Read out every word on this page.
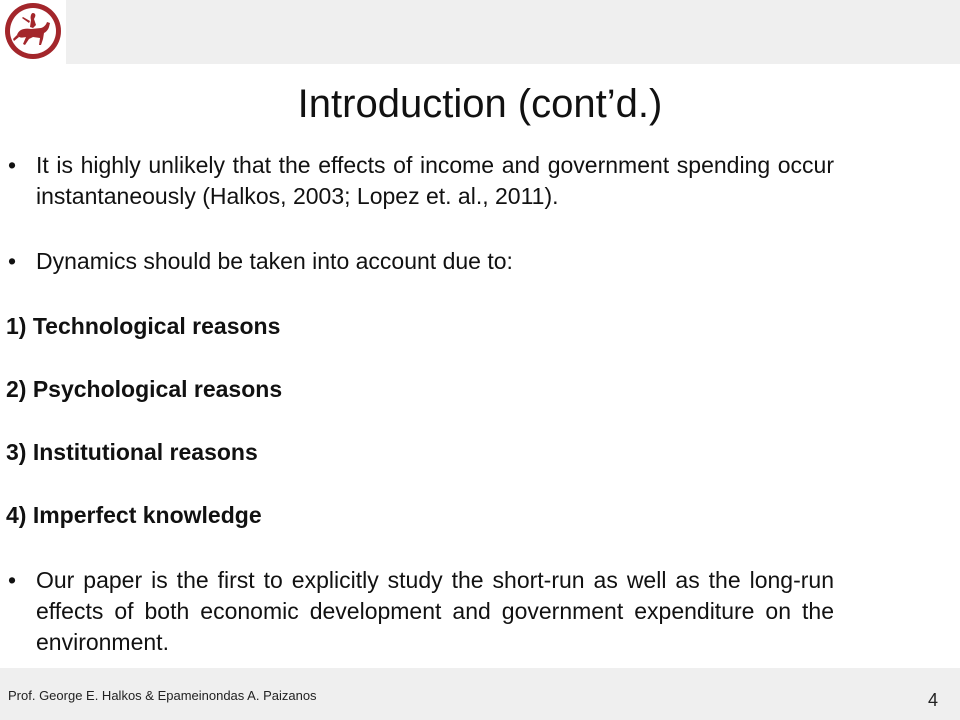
Introduction (cont’d.)
• It is highly unlikely that the effects of income and government spending occur instantaneously (Halkos, 2003; Lopez et. al., 2011).
• Dynamics should be taken into account due to:
1) Technological reasons
2) Psychological reasons
3) Institutional reasons
4) Imperfect knowledge
• Our paper is the first to explicitly study the short-run as well as the long-run effects of both economic development and government expenditure on the environment.
Prof. George E. Halkos & Epameinondas A. Paizanos	4
